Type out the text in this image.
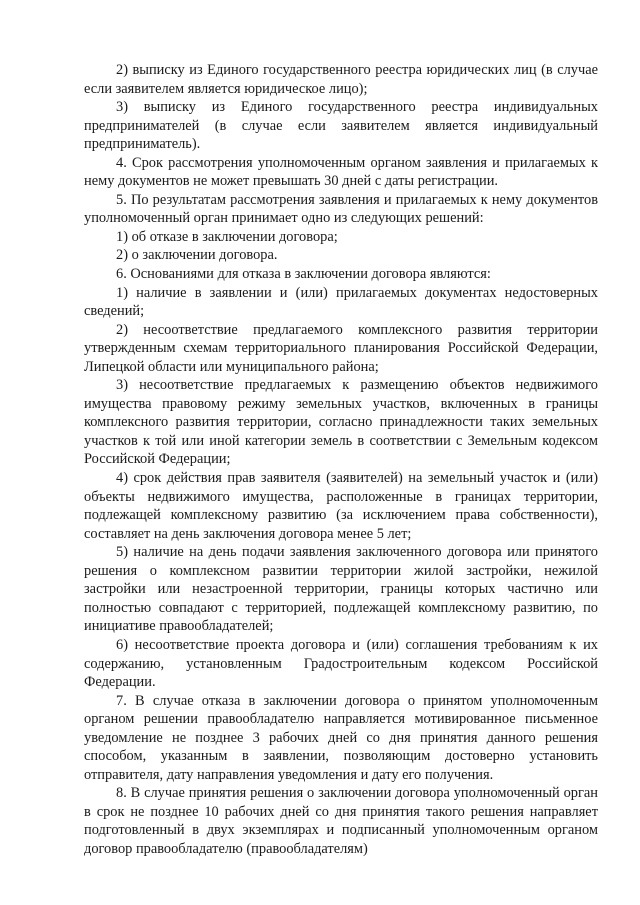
2) выписку из Единого государственного реестра юридических лиц (в случае если заявителем является юридическое лицо);

3) выписку из Единого государственного реестра индивидуальных предпринимателей (в случае если заявителем является индивидуальный предприниматель).

4. Срок рассмотрения уполномоченным органом заявления и прилагаемых к нему документов не может превышать 30 дней с даты регистрации.

5. По результатам рассмотрения заявления и прилагаемых к нему документов уполномоченный орган принимает одно из следующих решений:

1) об отказе в заключении договора;

2) о заключении договора.

6. Основаниями для отказа в заключении договора являются:

1) наличие в заявлении и (или) прилагаемых документах недостоверных сведений;

2) несоответствие предлагаемого комплексного развития территории утвержденным схемам территориального планирования Российской Федерации, Липецкой области или муниципального района;

3) несоответствие предлагаемых к размещению объектов недвижимого имущества правовому режиму земельных участков, включенных в границы комплексного развития территории, согласно принадлежности таких земельных участков к той или иной категории земель в соответствии с Земельным кодексом Российской Федерации;

4) срок действия прав заявителя (заявителей) на земельный участок и (или) объекты недвижимого имущества, расположенные в границах территории, подлежащей комплексному развитию (за исключением права собственности), составляет на день заключения договора менее 5 лет;

5) наличие на день подачи заявления заключенного договора или принятого решения о комплексном развитии территории жилой застройки, нежилой застройки или незастроенной территории, границы которых частично или полностью совпадают с территорией, подлежащей комплексному развитию, по инициативе правообладателей;

6) несоответствие проекта договора и (или) соглашения требованиям к их содержанию, установленным Градостроительным кодексом Российской Федерации.

7. В случае отказа в заключении договора о принятом уполномоченным органом решении правообладателю направляется мотивированное письменное уведомление не позднее 3 рабочих дней со дня принятия данного решения способом, указанным в заявлении, позволяющим достоверно установить отправителя, дату направления уведомления и дату его получения.

8. В случае принятия решения о заключении договора уполномоченный орган в срок не позднее 10 рабочих дней со дня принятия такого решения направляет подготовленный в двух экземплярах и подписанный уполномоченным органом договор правообладателю (правообладателям)
